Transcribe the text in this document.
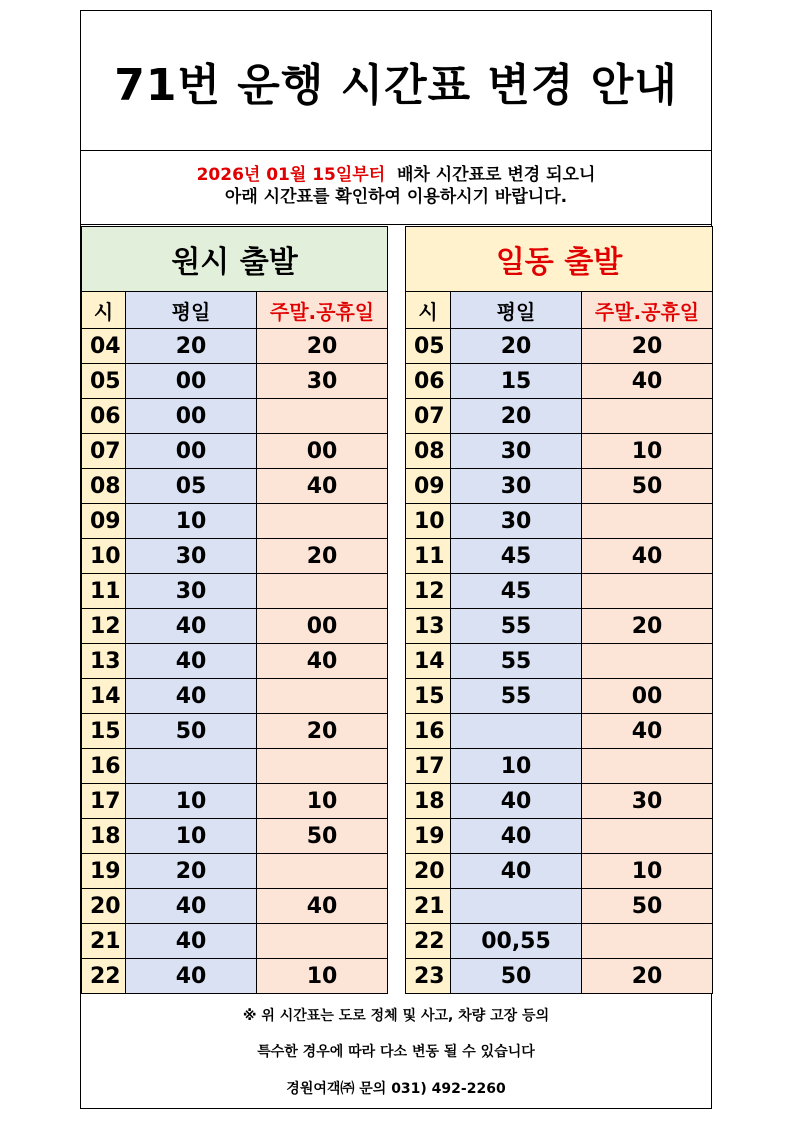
71번 운행 시간표 변경 안내
2026년 01월 15일부터 배차 시간표로 변경 되오니
아래 시간표를 확인하여 이용하시기 바랍니다.
원시 출발		
시	평일	주말.공휴일
04	20	20
05	00	30
06	00	
07	00	00
08	05	40
09	10	
10	30	20
11	30	
12	40	00
13	40	40
14	40	
15	50	20
16		
17	10	10
18	10	50
19	20	
20	40	40
21	40	
22	40	10
일동 출발		
시	평일	주말.공휴일
05	20	20
06	15	40
07	20	
08	30	10
09	30	50
10	30	
11	45	40
12	45	
13	55	20
14	55	
15	55	00
16		40
17	10	
18	40	30
19	40	
20	40	10
21		50
22	00,55	
23	50	20
※ 위 시간표는 도로 정체 및 사고, 차량 고장 등의
특수한 경우에 따라 다소 변동 될 수 있습니다
경원여객㈜ 문의 031) 492-2260
